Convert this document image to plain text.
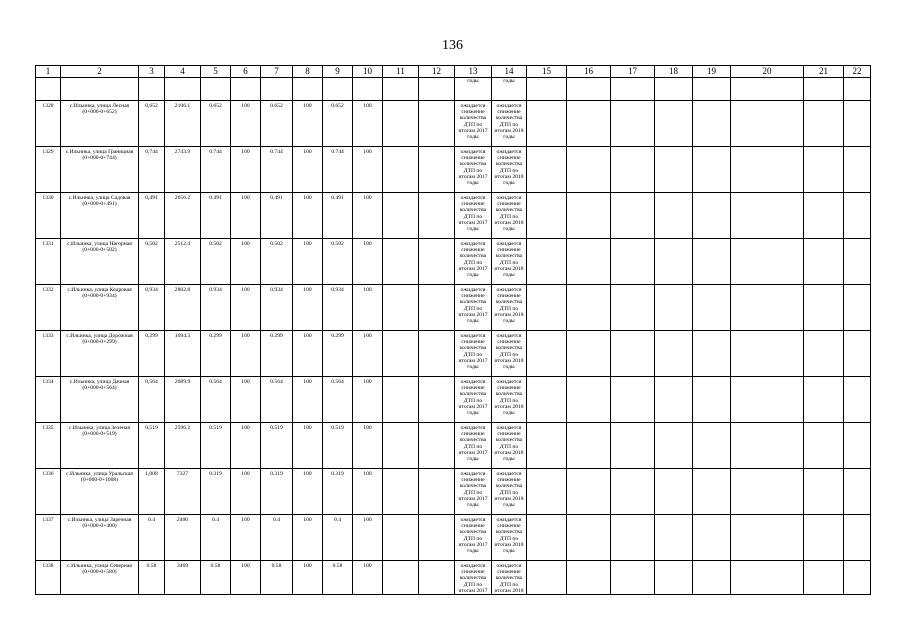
136
1	2	3	4	5	6	7	8	9	10	11	12	13	14	15	16	17	18	19	20	21	22
												годы	годы								
1328	с.Ильинка, улица Лесная (0+000-0+652)	0,652	2106.1	0.652	100	0.652	100	0.652	100			ожидается снижение количества ДТП по итогам 2017 годы	ожидается снижение количества ДТП по итогам 2018 годы								
1329	с.Ильинка, улица Границная (0+000-0+744)	0,744	2743.9	0.744	100	0.744	100	0.744	100			ожидается снижение количества ДТП по итогам 2017 годы	ожидается снижение количества ДТП по итогам 2018 годы								
1330	с.Ильинка, улица Садовая (0+000-0+491)	0,491	2656.2	0.491	100	0.491	100	0.491	100			ожидается снижение количества ДТП по итогам 2017 годы	ожидается снижение количества ДТП по итогам 2018 годы								
1331	с.Ильинка, улица Нагорная (0+000-0+502)	0,502	2512.4	0.502	100	0.502	100	0.502	100			ожидается снижение количества ДТП по итогам 2017 годы	ожидается снижение количества ДТП по итогам 2018 годы								
1332	с.Ильинка, улица Кедровая (0+000-0+934)	0,934	2802.8	0.934	100	0.934	100	0.934	100			ожидается снижение количества ДТП по итогам 2017 годы	ожидается снижение количества ДТП по итогам 2018 годы								
1333	с.Ильинка, улица Дорожная (0+000-0+299)	0,299	1094.3	0.299	100	0.299	100	0.299	100			ожидается снижение количества ДТП по итогам 2017 годы	ожидается снижение количества ДТП по итогам 2018 годы								
1334	с.Ильинка, улица Дачная (0+000-0+564)	0,564	2089.9	0.564	100	0.564	100	0.564	100			ожидается снижение количества ДТП по итогам 2017 годы	ожидается снижение количества ДТП по итогам 2018 годы								
1335	с.Ильинка, улица Зеленая (0+000-0+519)	0,519	2596.2	0.519	100	0.519	100	0.519	100			ожидается снижение количества ДТП по итогам 2017 годы	ожидается снижение количества ДТП по итогам 2018 годы								
1336	с.Ильинка, улица Уральская (0+000-0+1008)	1,008	7327	0.319	100	0.319	100	0.319	100			ожидается снижение количества ДТП по итогам 2017 годы	ожидается снижение количества ДТП по итогам 2018 годы								
1337	с.Ильинка, улица Заречная (0+000-0+400)	0.4	2400	0.4	100	0.4	100	0.4	100			ожидается снижение количества ДТП по итогам 2017 годы	ожидается снижение количества ДТП по итогам 2018 годы								
1338	с.Ильинка, улица Северная (0+000-0+580)	0.58	3469	0.58	100	0.58	100	0.58	100			ожидается снижение количества ДТП по итогам 2017	ожидается снижение количества ДТП по итогам 2018								
